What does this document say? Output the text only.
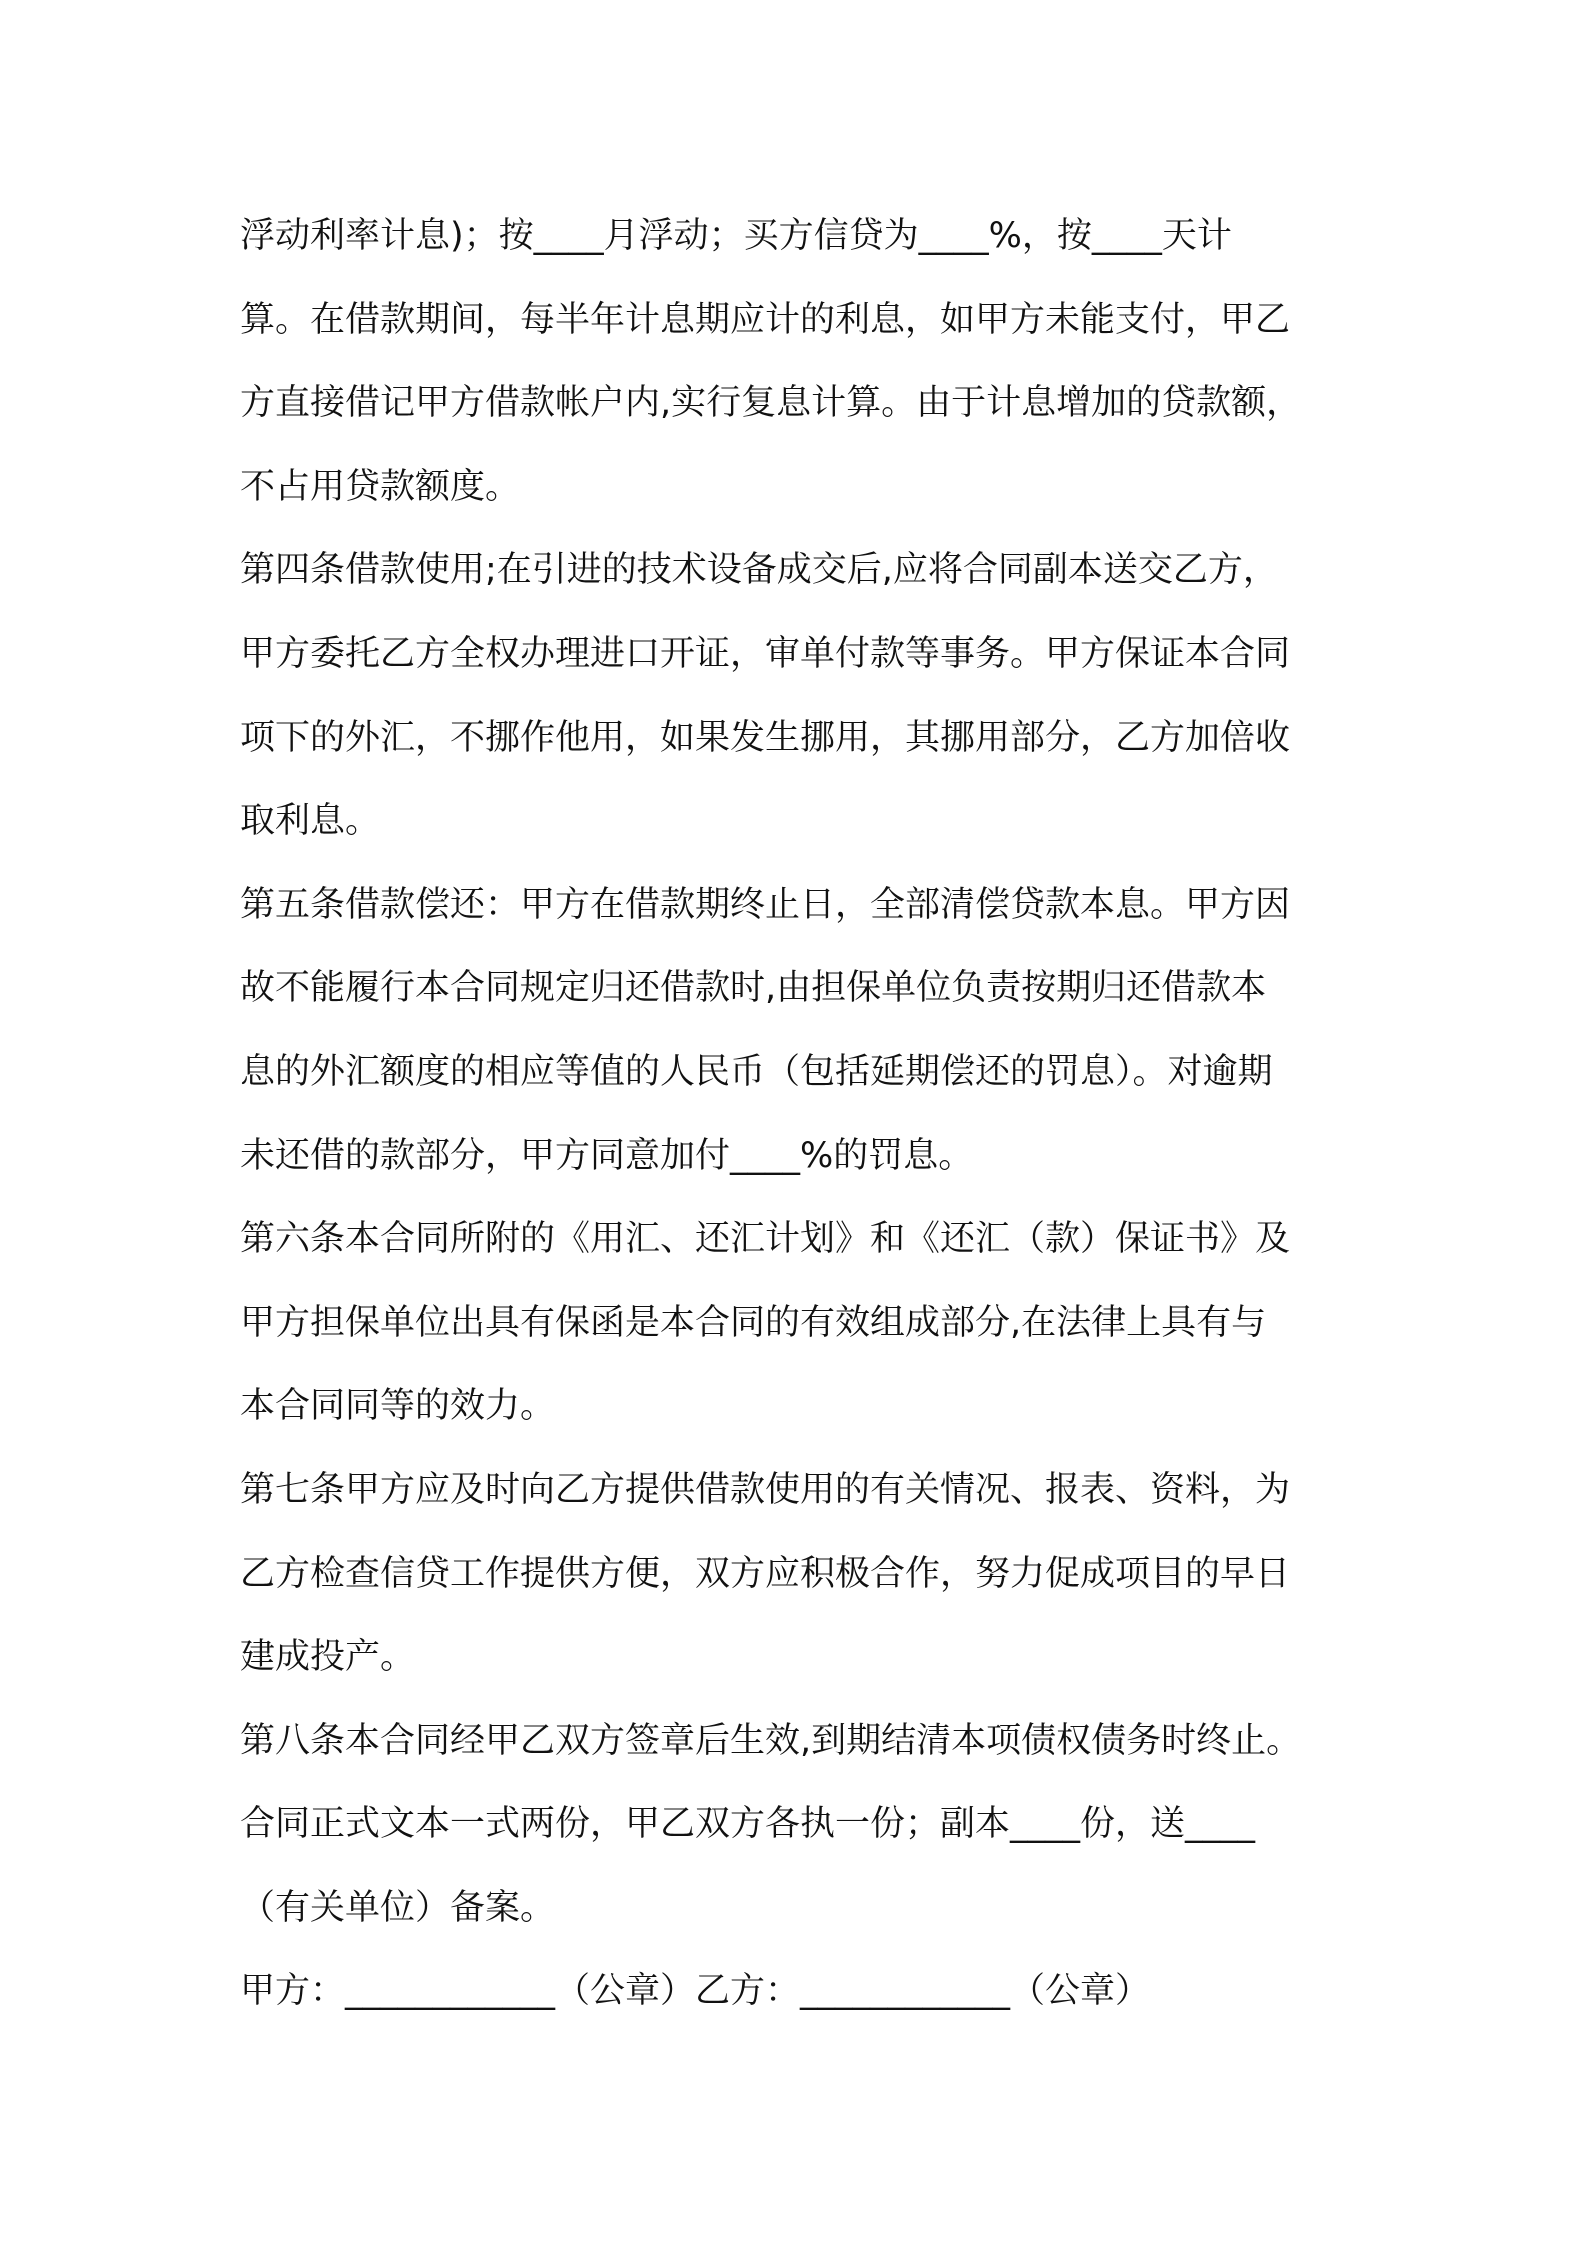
浮动利率计息)；按____月浮动；买方信贷为____%，按____天计
算。在借款期间，每半年计息期应计的利息，如甲方未能支付，甲乙
方直接借记甲方借款帐户内,实行复息计算。由于计息增加的贷款额，
不占用贷款额度。
第四条借款使用;在引进的技术设备成交后,应将合同副本送交乙方，
甲方委托乙方全权办理进口开证，审单付款等事务。甲方保证本合同
项下的外汇，不挪作他用，如果发生挪用，其挪用部分，乙方加倍收
取利息。
第五条借款偿还：甲方在借款期终止日，全部清偿贷款本息。甲方因
故不能履行本合同规定归还借款时,由担保单位负责按期归还借款本
息的外汇额度的相应等值的人民币（包括延期偿还的罚息）。对逾期
未还借的款部分，甲方同意加付____%的罚息。
第六条本合同所附的《用汇、还汇计划》和《还汇（款）保证书》及
甲方担保单位出具有保函是本合同的有效组成部分,在法律上具有与
本合同同等的效力。
第七条甲方应及时向乙方提供借款使用的有关情况、报表、资料，为
乙方检查信贷工作提供方便，双方应积极合作，努力促成项目的早日
建成投产。
第八条本合同经甲乙双方签章后生效,到期结清本项债权债务时终止。
合同正式文本一式两份，甲乙双方各执一份；副本____份，送____
（有关单位）备案。
甲方：____________（公章）乙方：____________（公章）
